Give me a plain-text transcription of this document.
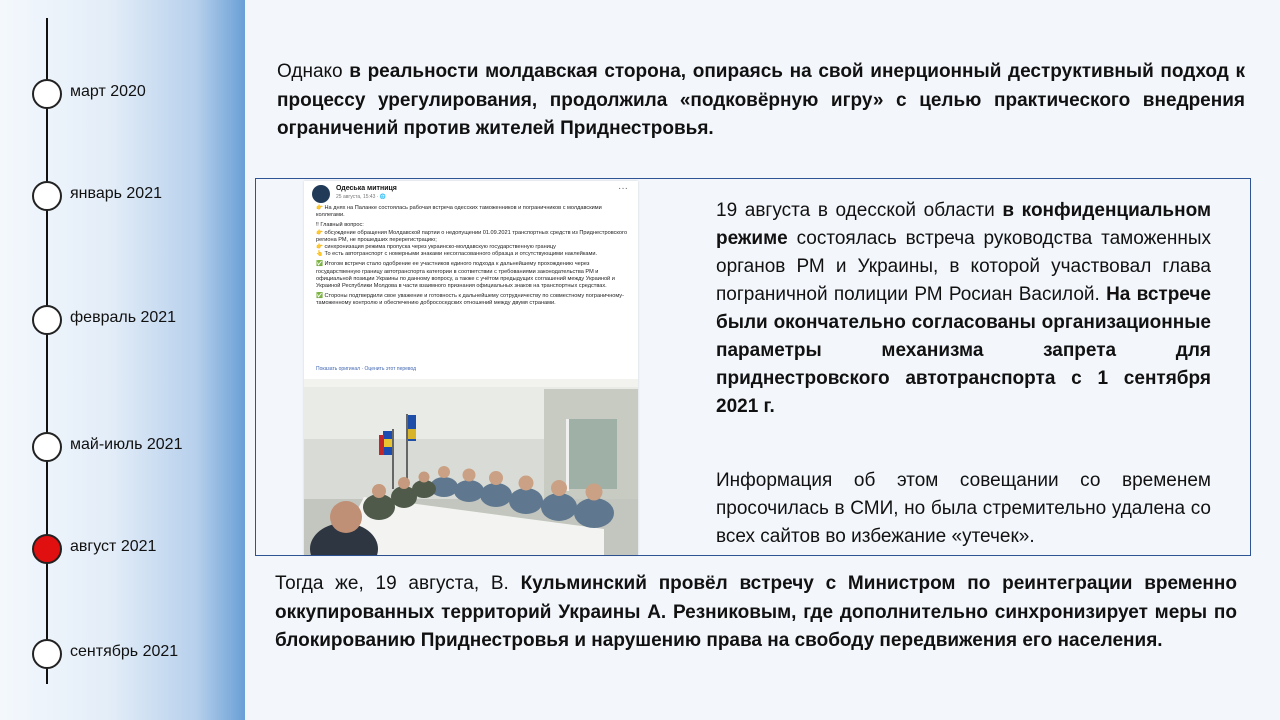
март 2020
январь 2021
февраль 2021
май-июль 2021
август 2021
сентябрь 2021
Однако в реальности молдавская сторона, опираясь на свой инерционный деструктивный подход к процессу урегулирования, продолжила «подковёрную игру» с целью практического внедрения ограничений против жителей Приднестровья.
Одеська митниця
25 августа, 15:43 · 🌐
···

👉 На днях на Паланке состоялась рабочая встреча одесских таможенников и пограничников с молдавскими коллегами.

‼ Главный вопрос:

👉 обсуждение обращения Молдавской партии о недопущении 01.09.2021 транспортных средств из Приднестровского региона РМ, не прошедших перерегистрацию;

👉 синхронизация режима пропуска через украинско-молдавскую государственную границу

👆 То есть автотранспорт с номерными знаками несогласованного образца и отсутствующими наклейками.

✅ Итогом встречи стало одобрение ее участников единого подхода к дальнейшему прохождению через государственную границу автотранспорта категории в соответствии с требованиями законодательства РМ и официальной позиции Украины по данному вопросу, а также с учётом предыдущих соглашений между Украиной и Украиной Республики Молдова в части взаимного признания официальных знаков на транспортных средствах.

✅ Стороны подтвердили свое уважение и готовность к дальнейшему сотрудничеству по совместному пограничному-таможенному контролю и обеспечению добрососедских отношений между двумя странами.

Показать оригинал · Оценить этот перевод
19 августа в одесской области в конфиденциальном режиме состоялась встреча руководства таможенных органов РМ и Украины, в которой участвовал глава пограничной полиции РМ Росиан Василой. На встрече были окончательно согласованы организационные параметры механизма запрета для приднестровского автотранспорта с 1 сентября 2021 г.
Информация об этом совещании со временем просочилась в СМИ, но была стремительно удалена со всех сайтов во избежание «утечек».
Тогда же, 19 августа, В. Кульминский провёл встречу с Министром по реинтеграции временно оккупированных территорий Украины А. Резниковым, где дополнительно синхронизирует меры по блокированию Приднестровья и нарушению права на свободу передвижения его населения.
